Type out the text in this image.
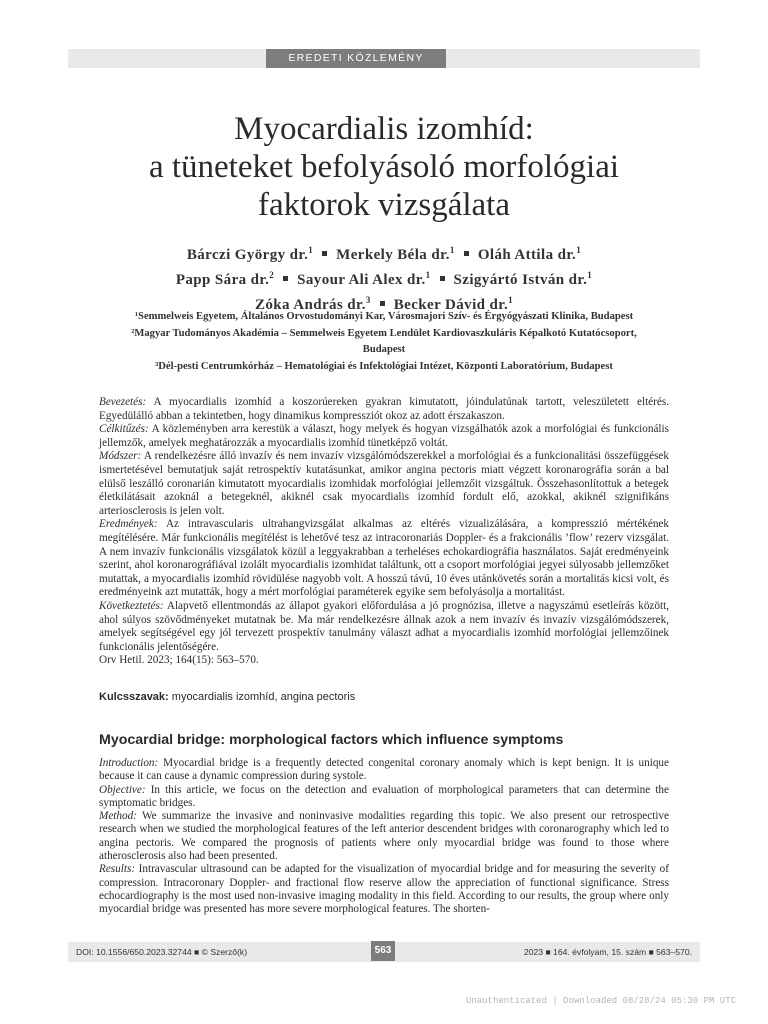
EREDETI KÖZLEMÉNY
Myocardialis izomhíd:
a tüneteket befolyásoló morfológiai
faktorok vizsgálata
Bárczi György dr.$^1$ Merkely Béla dr.$^1$ Oláh Attila dr.$^1$
Papp Sára dr.$^2$ Sayour Ali Alex dr.$^1$ Szigyártó István dr.$^1$
Zóka András dr.$^3$ Becker Dávid dr.$^1$
¹Semmelweis Egyetem, Általános Orvostudományi Kar, Városmajori Szív- és Érgyógyászati Klinika, Budapest
²Magyar Tudományos Akadémia – Semmelweis Egyetem Lendület Kardiovaszkuláris Képalkotó Kutatócsoport,
Budapest
³Dél-pesti Centrumkórház – Hematológiai és Infektológiai Intézet, Központi Laboratórium, Budapest

Bevezetés: A myocardialis izomhíd a koszorúereken gyakran kimutatott, jóindulatúnak tartott, veleszületett eltérés. Egyedülálló abban a tekintetben, hogy dinamikus kompressziót okoz az adott érszakaszon.

Célkitűzés: A közleményben arra kerestük a választ, hogy melyek és hogyan vizsgálhatók azok a morfológiai és funkcionális jellemzők, amelyek meghatározzák a myocardialis izomhíd tünetképző voltát.

Módszer: A rendelkezésre álló invazív és nem invazív vizsgálómódszerekkel a morfológiai és a funkcionalitási összefüggések ismertetésével bemutatjuk saját retrospektív kutatásunkat, amikor angina pectoris miatt végzett koronarográfia során a bal elülső leszálló coronarián kimutatott myocardialis izomhidak morfológiai jellemzőit vizsgáltuk. Összehasonlítottuk a betegek életkilátásait azoknál a betegeknél, akiknél csak myocardialis izomhíd fordult elő, azokkal, akiknél szignifikáns arteriosclerosis is jelen volt.

Eredmények: Az intravascularis ultrahangvizsgálat alkalmas az eltérés vizualizálására, a kompresszió mértékének megítélésére. Már funkcionális megítélést is lehetővé tesz az intracoronariás Doppler- és a frakcionális ’flow’ rezerv vizsgálat. A nem invazív funkcionális vizsgálatok közül a leggyakrabban a terheléses echokardiográfia használatos. Saját eredményeink szerint, ahol koronarográfiával izolált myocardialis izomhidat találtunk, ott a csoport morfológiai jegyei súlyosabb jellemzőket mutattak, a myocardialis izomhíd rövidülése nagyobb volt. A hosszú távú, 10 éves utánkövetés során a mortalitás kicsi volt, és eredményeink azt mutatták, hogy a mért morfológiai paraméterek egyike sem befolyásolja a mortalitást.

Következtetés: Alapvető ellentmondás az állapot gyakori előfordulása a jó prognózisa, illetve a nagyszámú esetleírás között, ahol súlyos szövődményeket mutatnak be. Ma már rendelkezésre állnak azok a nem invazív és invazív vizsgálómódszerek, amelyek segítségével egy jól tervezett prospektív tanulmány választ adhat a myocardialis izomhíd morfológiai jellemzőinek funkcionális jelentőségére.

Orv Hetil. 2023; 164(15): 563–570.

Kulcsszavak: myocardialis izomhíd, angina pectoris
Myocardial bridge: morphological factors which influence symptoms

Introduction: Myocardial bridge is a frequently detected congenital coronary anomaly which is kept benign. It is unique because it can cause a dynamic compression during systole.

Objective: In this article, we focus on the detection and evaluation of morphological parameters that can determine the symptomatic bridges.

Method: We summarize the invasive and noninvasive modalities regarding this topic. We also present our retrospective research when we studied the morphological features of the left anterior descendent bridges with coronarography which led to angina pectoris. We compared the prognosis of patients where only myocardial bridge was found to those where atherosclerosis also had been presented.

Results: Intravascular ultrasound can be adapted for the visualization of myocardial bridge and for measuring the severity of compression. Intracoronary Doppler- and fractional flow reserve allow the appreciation of functional significance. Stress echocardiography is the most used non-invasive imaging modality in this field. According to our results, the group where only myocardial bridge was presented has more severe morphological features. The shorten-

DOI: 10.1556/650.2023.32744 ■ © Szerző(k)	563	2023 ■ 164. évfolyam, 15. szám ■ 563–570.
Unauthenticated | Downloaded 08/28/24 05:30 PM UTC
